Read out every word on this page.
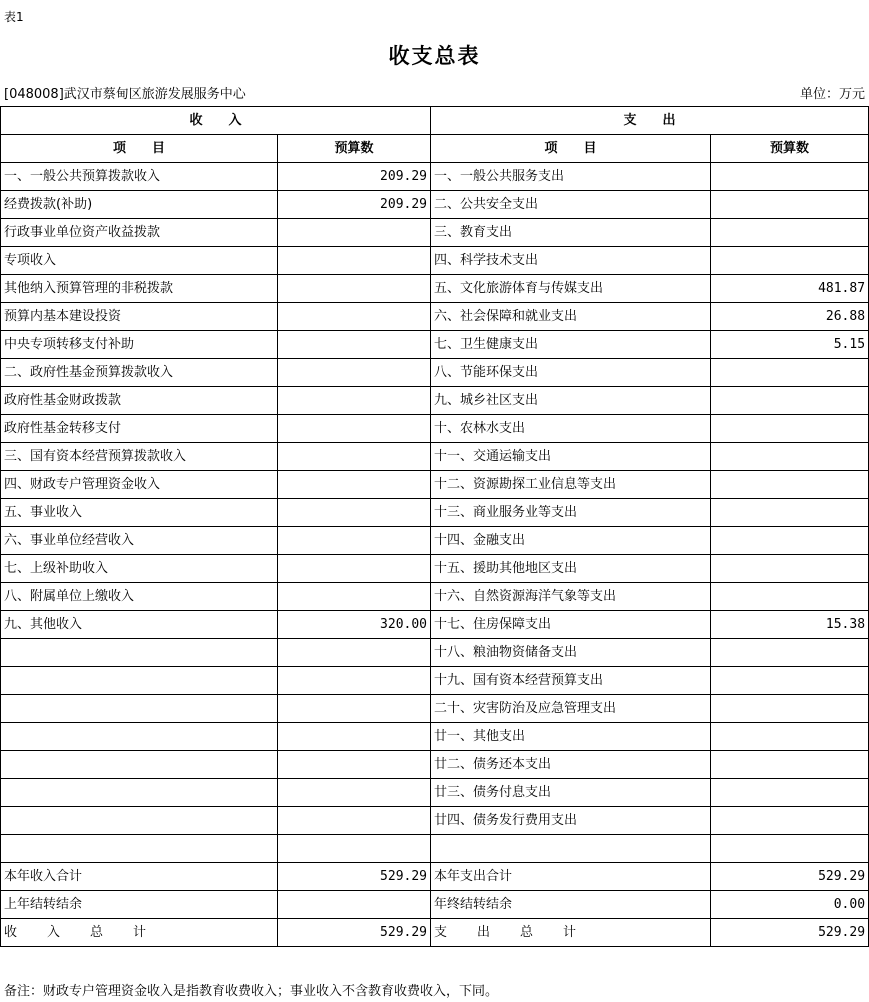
表1
收支总表
[048008]武汉市蔡甸区旅游发展服务中心	单位：万元
收　　入		支　　出	
项　　目	预算数	项　　目	预算数
一、一般公共预算拨款收入	209.29	一、一般公共服务支出	
经费拨款(补助)	209.29	二、公共安全支出	
行政事业单位资产收益拨款		三、教育支出	
专项收入		四、科学技术支出	
其他纳入预算管理的非税拨款		五、文化旅游体育与传媒支出	481.87
预算内基本建设投资		六、社会保障和就业支出	26.88
中央专项转移支付补助		七、卫生健康支出	5.15
二、政府性基金预算拨款收入		八、节能环保支出	
政府性基金财政拨款		九、城乡社区支出	
政府性基金转移支付		十、农林水支出	
三、国有资本经营预算拨款收入		十一、交通运输支出	
四、财政专户管理资金收入		十二、资源勘探工业信息等支出	
五、事业收入		十三、商业服务业等支出	
六、事业单位经营收入		十四、金融支出	
七、上级补助收入		十五、援助其他地区支出	
八、附属单位上缴收入		十六、自然资源海洋气象等支出	
九、其他收入	320.00	十七、住房保障支出	15.38
		十八、粮油物资储备支出	
		十九、国有资本经营预算支出	
		二十、灾害防治及应急管理支出	
		廿一、其他支出	
		廿二、债务还本支出	
		廿三、债务付息支出	
		廿四、债务发行费用支出	

本年收入合计	529.29	本年支出合计	529.29
上年结转结余		年终结转结余	0.00
收入总计	529.29	支出总计	529.29
备注：财政专户管理资金收入是指教育收费收入；事业收入不含教育收费收入，下同。
